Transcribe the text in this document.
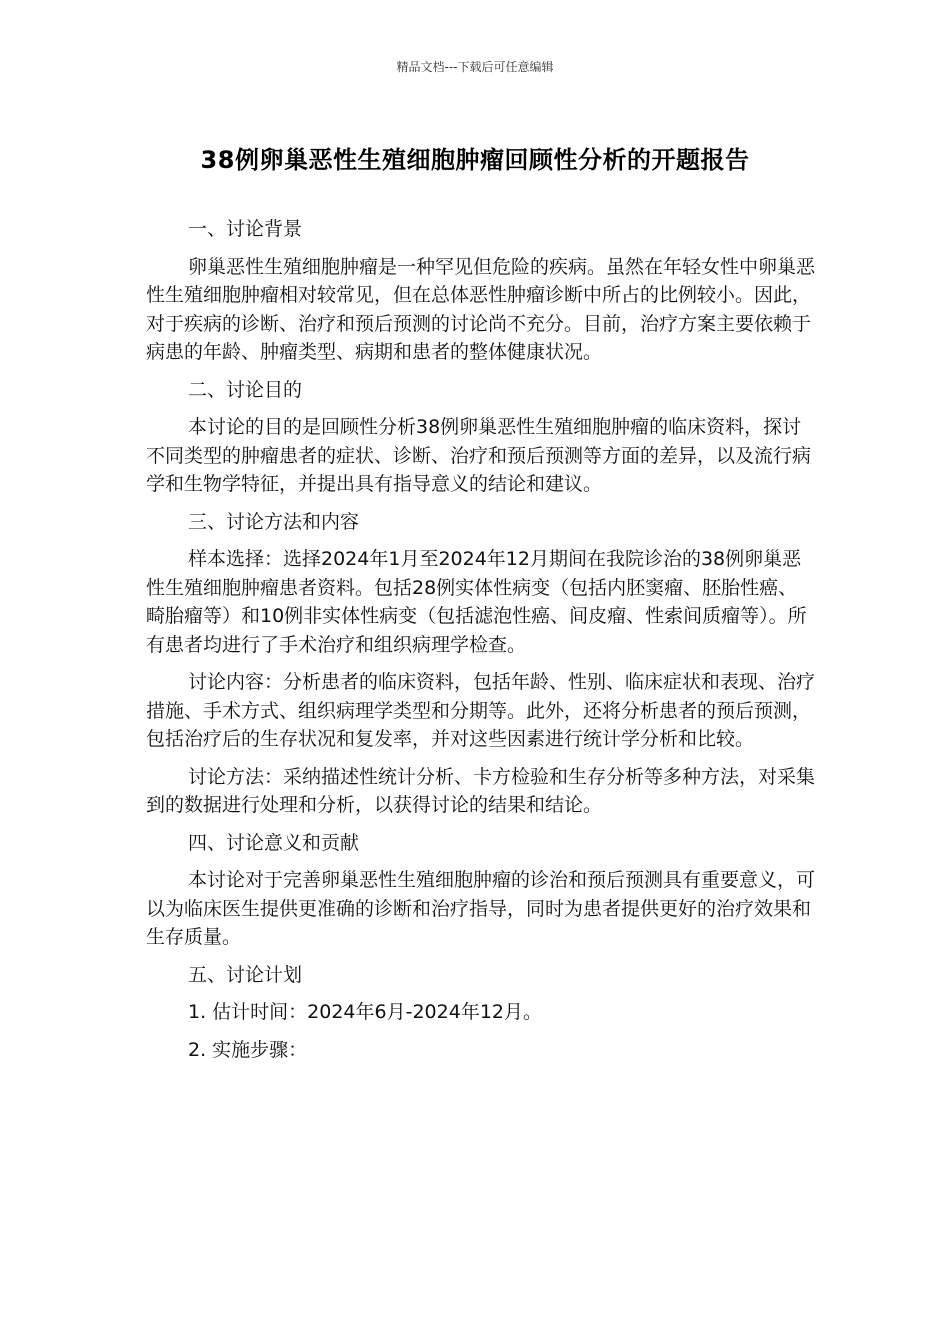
精品文档---下载后可任意编辑
38例卵巢恶性生殖细胞肿瘤回顾性分析的开题报告

一、讨论背景

卵巢恶性生殖细胞肿瘤是一种罕见但危险的疾病。虽然在年轻女性中卵巢恶性生殖细胞肿瘤相对较常见，但在总体恶性肿瘤诊断中所占的比例较小。因此，对于疾病的诊断、治疗和预后预测的讨论尚不充分。目前，治疗方案主要依赖于病患的年龄、肿瘤类型、病期和患者的整体健康状况。

二、讨论目的

本讨论的目的是回顾性分析38例卵巢恶性生殖细胞肿瘤的临床资料，探讨不同类型的肿瘤患者的症状、诊断、治疗和预后预测等方面的差异，以及流行病学和生物学特征，并提出具有指导意义的结论和建议。

三、讨论方法和内容

样本选择：选择2024年1月至2024年12月期间在我院诊治的38例卵巢恶性生殖细胞肿瘤患者资料。包括28例实体性病变（包括内胚窦瘤、胚胎性癌、畸胎瘤等）和10例非实体性病变（包括滤泡性癌、间皮瘤、性索间质瘤等）。所有患者均进行了手术治疗和组织病理学检查。

讨论内容：分析患者的临床资料，包括年龄、性别、临床症状和表现、治疗措施、手术方式、组织病理学类型和分期等。此外，还将分析患者的预后预测，包括治疗后的生存状况和复发率，并对这些因素进行统计学分析和比较。

讨论方法：采纳描述性统计分析、卡方检验和生存分析等多种方法，对采集到的数据进行处理和分析，以获得讨论的结果和结论。

四、讨论意义和贡献

本讨论对于完善卵巢恶性生殖细胞肿瘤的诊治和预后预测具有重要意义，可以为临床医生提供更准确的诊断和治疗指导，同时为患者提供更好的治疗效果和生存质量。

五、讨论计划

1. 估计时间：2024年6月-2024年12月。

2. 实施步骤：
